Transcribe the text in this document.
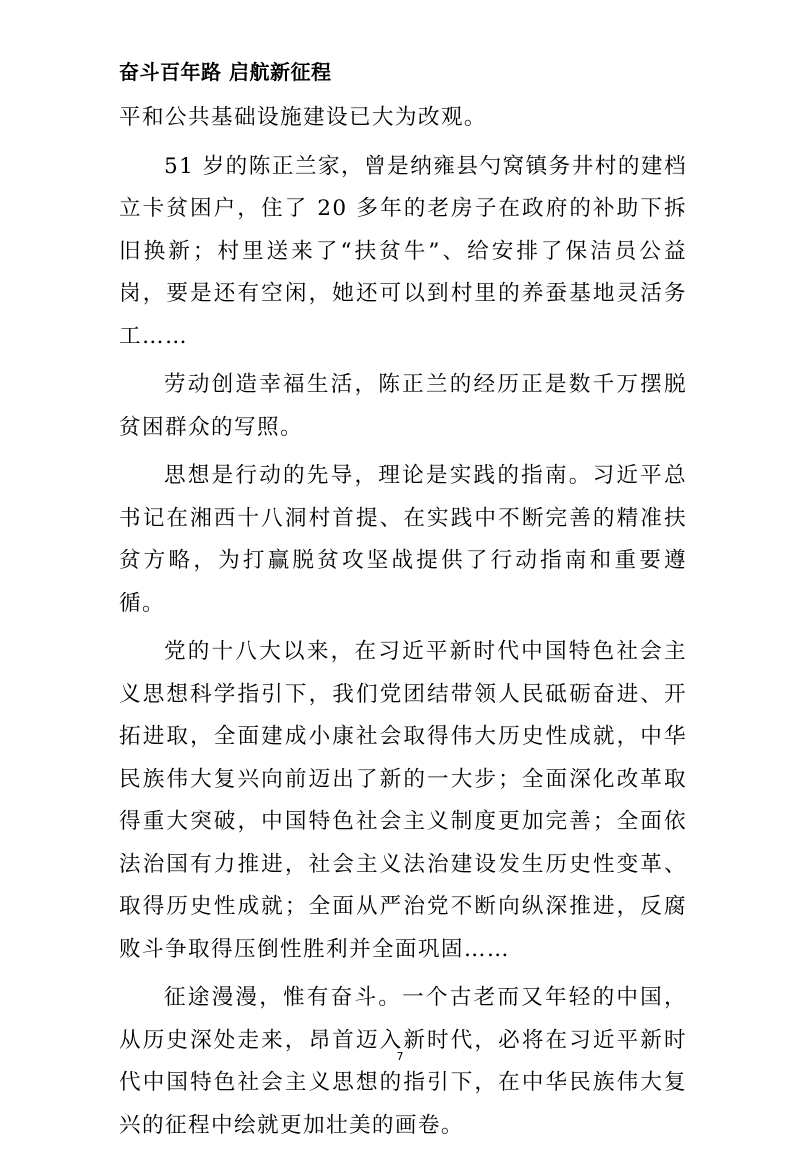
奋斗百年路 启航新征程

平和公共基础设施建设已大为改观。

51 岁的陈正兰家，曾是纳雍县勺窝镇务井村的建档立卡贫困户，住了 20 多年的老房子在政府的补助下拆旧换新；村里送来了“扶贫牛”、给安排了保洁员公益岗，要是还有空闲，她还可以到村里的养蚕基地灵活务工……

劳动创造幸福生活，陈正兰的经历正是数千万摆脱贫困群众的写照。

思想是行动的先导，理论是实践的指南。习近平总书记在湘西十八洞村首提、在实践中不断完善的精准扶贫方略，为打赢脱贫攻坚战提供了行动指南和重要遵循。

党的十八大以来，在习近平新时代中国特色社会主义思想科学指引下，我们党团结带领人民砥砺奋进、开拓进取，全面建成小康社会取得伟大历史性成就，中华民族伟大复兴向前迈出了新的一大步；全面深化改革取得重大突破，中国特色社会主义制度更加完善；全面依法治国有力推进，社会主义法治建设发生历史性变革、取得历史性成就；全面从严治党不断向纵深推进，反腐败斗争取得压倒性胜利并全面巩固……

征途漫漫，惟有奋斗。一个古老而又年轻的中国，从历史深处走来，昂首迈入新时代，必将在习近平新时代中国特色社会主义思想的指引下，在中华民族伟大复兴的征程中绘就更加壮美的画卷。

7
